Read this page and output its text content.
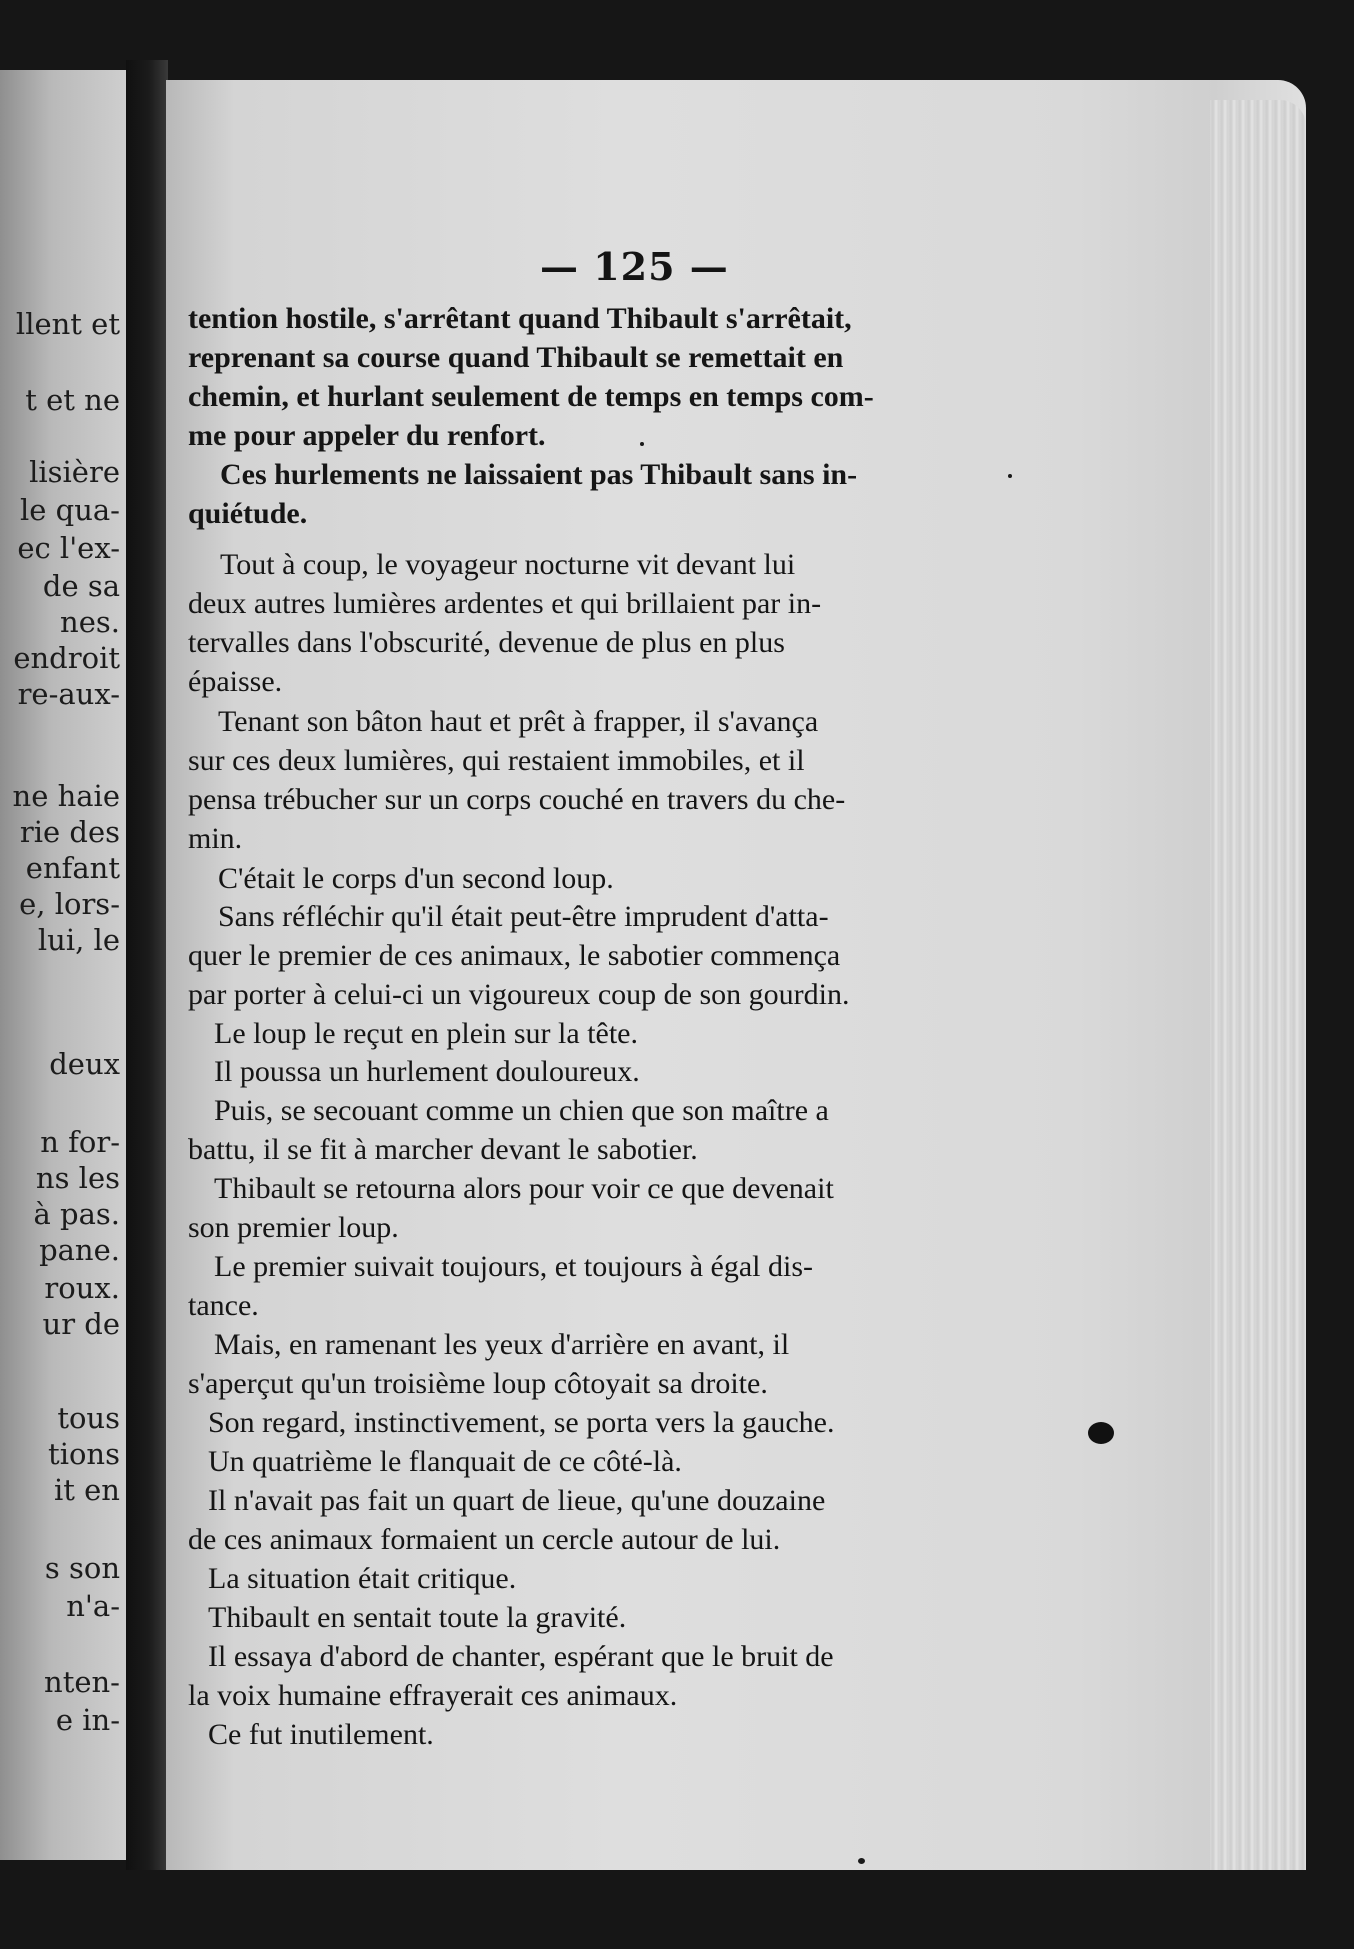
llent et
t et ne
lisière
le qua-
ec l'ex-
de sa
nes.
endroit
re-aux-
ne haie
rie des
enfant
e, lors-
lui, le
deux
n for-
ns les
à pas.
pane.
roux.
ur de
tous
tions
it en
s son
n'a-
nten-
e in-
— 125 —
tention hostile, s'arrêtant quand Thibault s'arrêtait,
reprenant sa course quand Thibault se remettait en
chemin, et hurlant seulement de temps en temps com-
me pour appeler du renfort.
Ces hurlements ne laissaient pas Thibault sans in-
quiétude.
Tout à coup, le voyageur nocturne vit devant lui
deux autres lumières ardentes et qui brillaient par in-
tervalles dans l'obscurité, devenue de plus en plus
épaisse.
Tenant son bâton haut et prêt à frapper, il s'avança
sur ces deux lumières, qui restaient immobiles, et il
pensa trébucher sur un corps couché en travers du che-
min.
C'était le corps d'un second loup.
Sans réfléchir qu'il était peut-être imprudent d'atta-
quer le premier de ces animaux, le sabotier commença
par porter à celui-ci un vigoureux coup de son gourdin.
Le loup le reçut en plein sur la tête.
Il poussa un hurlement douloureux.
Puis, se secouant comme un chien que son maître a
battu, il se fit à marcher devant le sabotier.
Thibault se retourna alors pour voir ce que devenait
son premier loup.
Le premier suivait toujours, et toujours à égal dis-
tance.
Mais, en ramenant les yeux d'arrière en avant, il
s'aperçut qu'un troisième loup côtoyait sa droite.
Son regard, instinctivement, se porta vers la gauche.
Un quatrième le flanquait de ce côté-là.
Il n'avait pas fait un quart de lieue, qu'une douzaine
de ces animaux formaient un cercle autour de lui.
La situation était critique.
Thibault en sentait toute la gravité.
Il essaya d'abord de chanter, espérant que le bruit de
la voix humaine effrayerait ces animaux.
Ce fut inutilement.
